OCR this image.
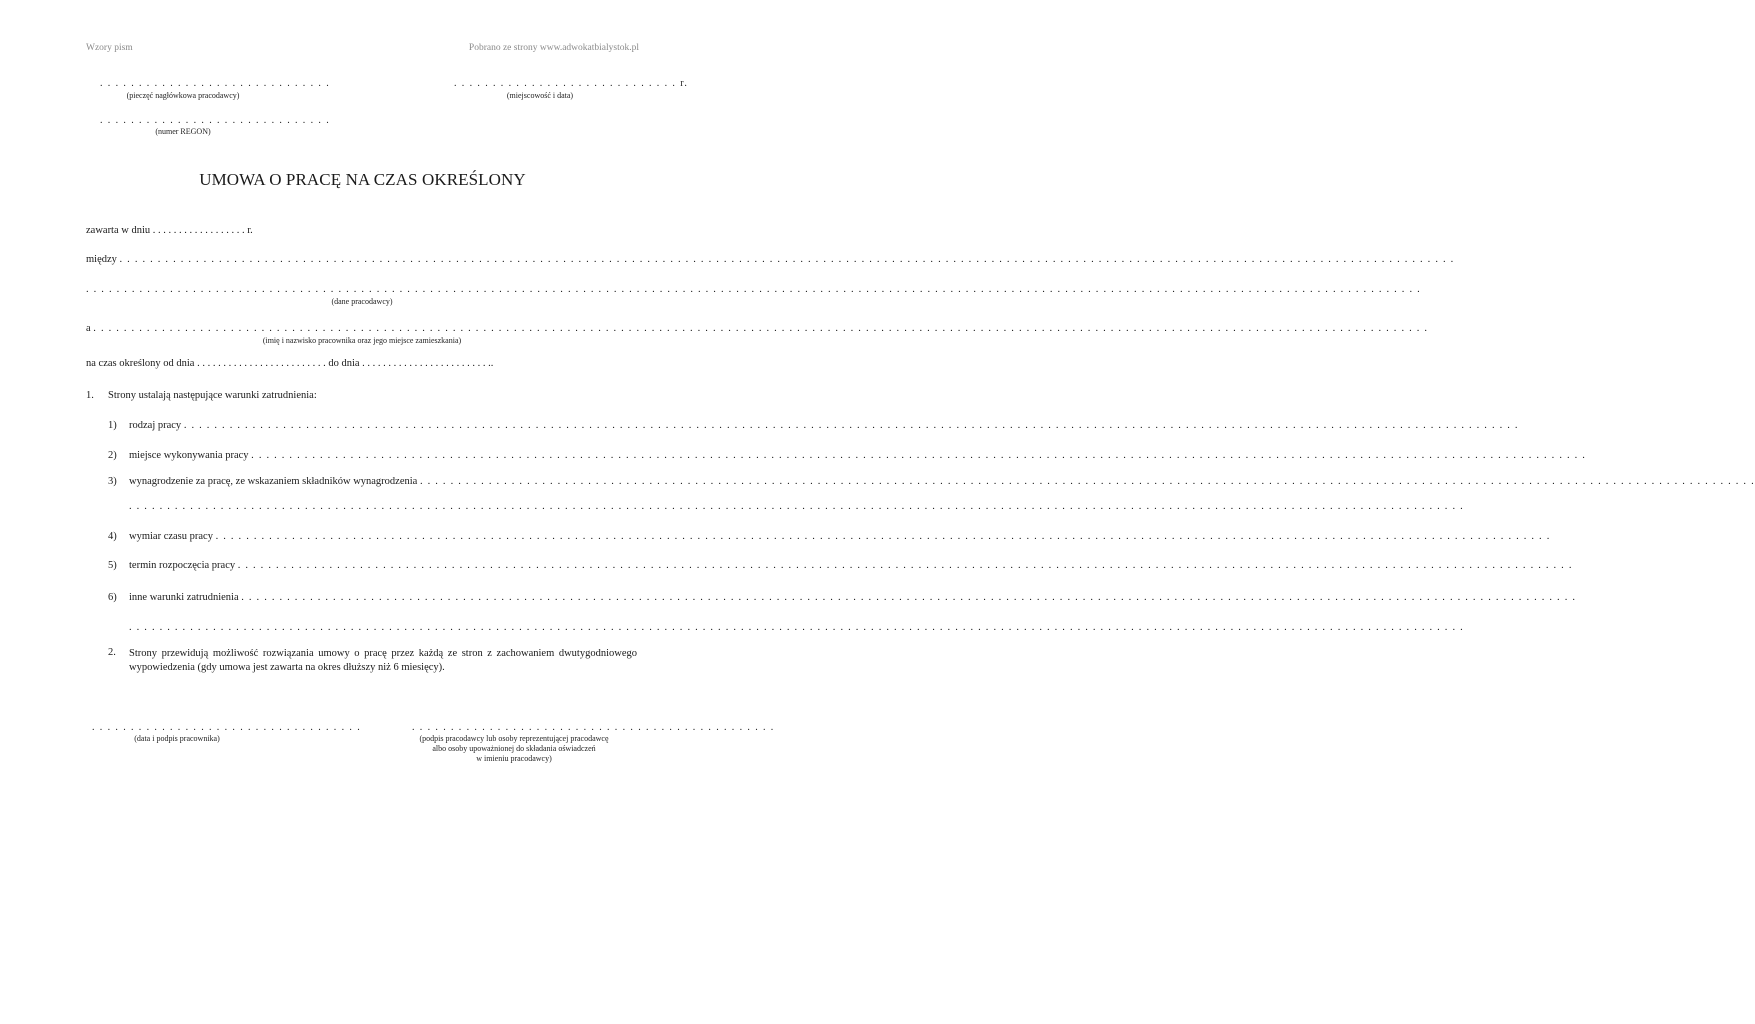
Wzory pism	Pobrano ze strony www.adwokatbialystok.pl
. . . . . . . . . . . . . . . . . . . . . . . . . . . . . .
(pieczęć nagłówkowa pracodawcy)
. . . . . . . . . . . . . . . . . . . . . . . . . . . . . r.
(miejscowość i data)
. . . . . . . . . . . . . . . . . . . . . . . . . . . . . .
(numer REGON)
UMOWA O PRACĘ NA CZAS OKREŚLONY
zawarta w dniu . . . . . . . . . . . . . . . . . . r.
między . . . . . . . . . . . . . . . . . . . . . . . . . . . . . . . . . . . . . . . . . . . . . . . . . . . . . . . . . . . . . . . . . . . . . . . . . . . . . . . . . . . . . . . . . . . . . . . . . . . . . . . . . . . . . . . . . . . . . . . . . . . . . . . . . . . . . . . . . . . . . . . . . . . . . . . . . . . . . . . . . . . . . . . . . . . . . . .
. . . . . . . . . . . . . . . . . . . . . . . . . . . . . . . . . . . . . . . . . . . . . . . . . . . . . . . . . . . . . . . . . . . . . . . . . . . . . . . . . . . . . . . . . . . . . . . . . . . . . . . . . . . . . . . . . . . . . . . . . . . . . . . . . . . . . . . . . . . . . . . . . . . . . . . . . . . . . . . . . . . . . . . . . . . . . . .
(dane pracodawcy)
a . . . . . . . . . . . . . . . . . . . . . . . . . . . . . . . . . . . . . . . . . . . . . . . . . . . . . . . . . . . . . . . . . . . . . . . . . . . . . . . . . . . . . . . . . . . . . . . . . . . . . . . . . . . . . . . . . . . . . . . . . . . . . . . . . . . . . . . . . . . . . . . . . . . . . . . . . . . . . . . . . . . . . . . . . . . . . . .
(imię i nazwisko pracownika oraz jego miejsce zamieszkania)
na czas określony od dnia . . . . . . . . . . . . . . . . . . . . . . . . . do dnia . . . . . . . . . . . . . . . . . . . . . . . . ..
1. Strony ustalają następujące warunki zatrudnienia:
1) rodzaj pracy . . . . . . . . . . . . . . . . . . . . . . . . . . . . . . . . . . . . . . . . . . . . . . . . . . . . . . . . . . . . . . . . . . . . . . . . . . . . . . . . . . . . . . . . . . . . . . . . . . . . . . . . . . . . . . . . . . . . . . . . . . . . . . . . . . . . . . . . . . . . . . . . . . . . . . . . . . . . . . . . . . . . . . . . . . . . . . .
2) miejsce wykonywania pracy . . . . . . . . . . . . . . . . . . . . . . . . . . . . . . . . . . . . . . . . . . . . . . . . . . . . . . . . . . . . . . . . . . . . . . . . . . . . . . . . . . . . . . . . . . . . . . . . . . . . . . . . . . . . . . . . . . . . . . . . . . . . . . . . . . . . . . . . . . . . . . . . . . . . . . . . . . . . . . . . . . . . . . . . . . . . . . .
3) wynagrodzenie za pracę, ze wskazaniem składników wynagrodzenia . . . . . . . . . . . . . . . . . . . . . . . . . . . . . . . . . . . . . . . . . . . . . . . . . . . . . . . . . . . . . . . . . . . . . . . . . . . . . . . . . . . . . . . . . . . . . . . . . . . . . . . . . . . . . . . . . . . . . . . . . . . . . . . . . . . . . . . . . . . . . . . . . . . . . . . . . . . . . . . . . . . . . . . . . . . . . . .
. . . . . . . . . . . . . . . . . . . . . . . . . . . . . . . . . . . . . . . . . . . . . . . . . . . . . . . . . . . . . . . . . . . . . . . . . . . . . . . . . . . . . . . . . . . . . . . . . . . . . . . . . . . . . . . . . . . . . . . . . . . . . . . . . . . . . . . . . . . . . . . . . . . . . . . . . . . . . . . . . . . . . . . . . . . . . . .
4) wymiar czasu pracy . . . . . . . . . . . . . . . . . . . . . . . . . . . . . . . . . . . . . . . . . . . . . . . . . . . . . . . . . . . . . . . . . . . . . . . . . . . . . . . . . . . . . . . . . . . . . . . . . . . . . . . . . . . . . . . . . . . . . . . . . . . . . . . . . . . . . . . . . . . . . . . . . . . . . . . . . . . . . . . . . . . . . . . . . . . . . . .
5) termin rozpoczęcia pracy . . . . . . . . . . . . . . . . . . . . . . . . . . . . . . . . . . . . . . . . . . . . . . . . . . . . . . . . . . . . . . . . . . . . . . . . . . . . . . . . . . . . . . . . . . . . . . . . . . . . . . . . . . . . . . . . . . . . . . . . . . . . . . . . . . . . . . . . . . . . . . . . . . . . . . . . . . . . . . . . . . . . . . . . . . . . . . .
6) inne warunki zatrudnienia . . . . . . . . . . . . . . . . . . . . . . . . . . . . . . . . . . . . . . . . . . . . . . . . . . . . . . . . . . . . . . . . . . . . . . . . . . . . . . . . . . . . . . . . . . . . . . . . . . . . . . . . . . . . . . . . . . . . . . . . . . . . . . . . . . . . . . . . . . . . . . . . . . . . . . . . . . . . . . . . . . . . . . . . . . . . . . .
. . . . . . . . . . . . . . . . . . . . . . . . . . . . . . . . . . . . . . . . . . . . . . . . . . . . . . . . . . . . . . . . . . . . . . . . . . . . . . . . . . . . . . . . . . . . . . . . . . . . . . . . . . . . . . . . . . . . . . . . . . . . . . . . . . . . . . . . . . . . . . . . . . . . . . . . . . . . . . . . . . . . . . . . . . . . . . .
2. Strony przewidują możliwość rozwiązania umowy o pracę przez każdą ze stron z zachowaniem dwutygodniowego wypowiedzenia (gdy umowa jest zawarta na okres dłuższy niż 6 miesięcy).
. . . . . . . . . . . . . . . . . . . . . . . . . . . . . . . . . . .
(data i podpis pracownika)
. . . . . . . . . . . . . . . . . . . . . . . . . . . . . . . . . . . . . . . . . . . . . . .
(podpis pracodawcy lub osoby reprezentującej pracodawcę
albo osoby upoważnionej do składania oświadczeń
w imieniu pracodawcy)
